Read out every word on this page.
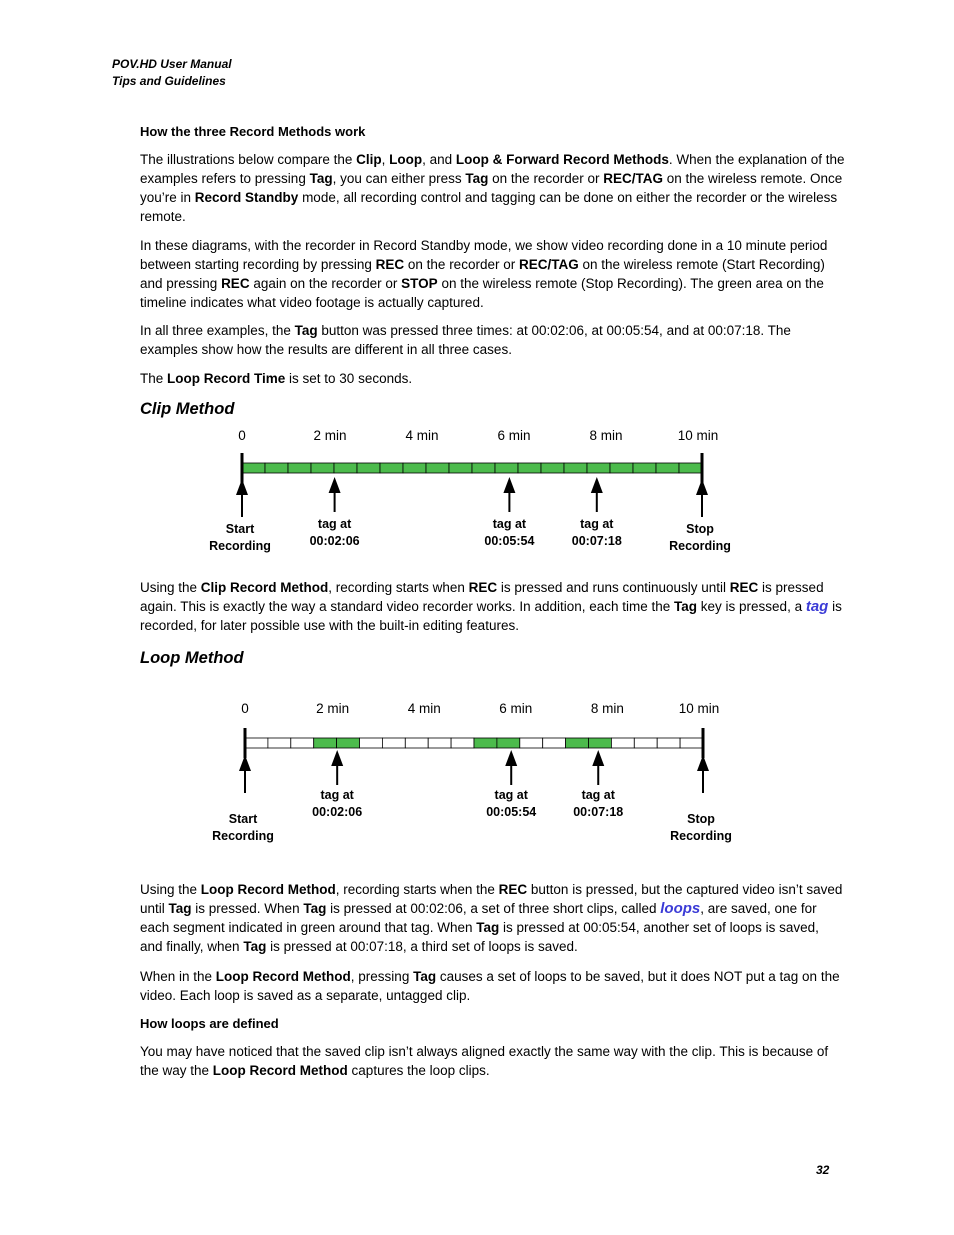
POV.HD User Manual
Tips and Guidelines
How the three Record Methods work

The illustrations below compare the Clip, Loop, and Loop & Forward Record Methods. When the explanation of the examples refers to pressing Tag, you can either press Tag on the recorder or REC/TAG on the wireless remote. Once you’re in Record Standby mode, all recording control and tagging can be done on either the recorder or the wireless remote.

In these diagrams, with the recorder in Record Standby mode, we show video recording done in a 10 minute period between starting recording by pressing REC on the recorder or REC/TAG on the wireless remote (Start Recording) and pressing REC again on the recorder or STOP on the wireless remote (Stop Recording). The green area on the timeline indicates what video footage is actually captured.

In all three examples, the Tag button was pressed three times: at 00:02:06, at 00:05:54, and at 00:07:18. The examples show how the results are different in all three cases.

The Loop Record Time is set to 30 seconds.

Clip Method
0	2 min	4 min	6 min	8 min	10 min
Start
Recording
Stop
Recording
tag at
00:02:06
tag at
00:05:54
tag at
00:07:18

Using the Clip Record Method, recording starts when REC is pressed and runs continuously until REC is pressed again. This is exactly the way a standard video recorder works. In addition, each time the Tag key is pressed, a tag is recorded, for later possible use with the built-in editing features.

Loop Method
0	2 min	4 min	6 min	8 min	10 min
Start
Recording
Stop
Recording
tag at
00:02:06
tag at
00:05:54
tag at
00:07:18

Using the Loop Record Method, recording starts when the REC button is pressed, but the captured video isn’t saved until Tag is pressed. When Tag is pressed at 00:02:06, a set of three short clips, called loops, are saved, one for each segment indicated in green around that tag. When Tag is pressed at 00:05:54, another set of loops is saved, and finally, when Tag is pressed at 00:07:18, a third set of loops is saved.

When in the Loop Record Method, pressing Tag causes a set of loops to be saved, but it does NOT put a tag on the video. Each loop is saved as a separate, untagged clip.

How loops are defined

You may have noticed that the saved clip isn’t always aligned exactly the same way with the clip. This is because of the way the Loop Record Method captures the loop clips.

32
